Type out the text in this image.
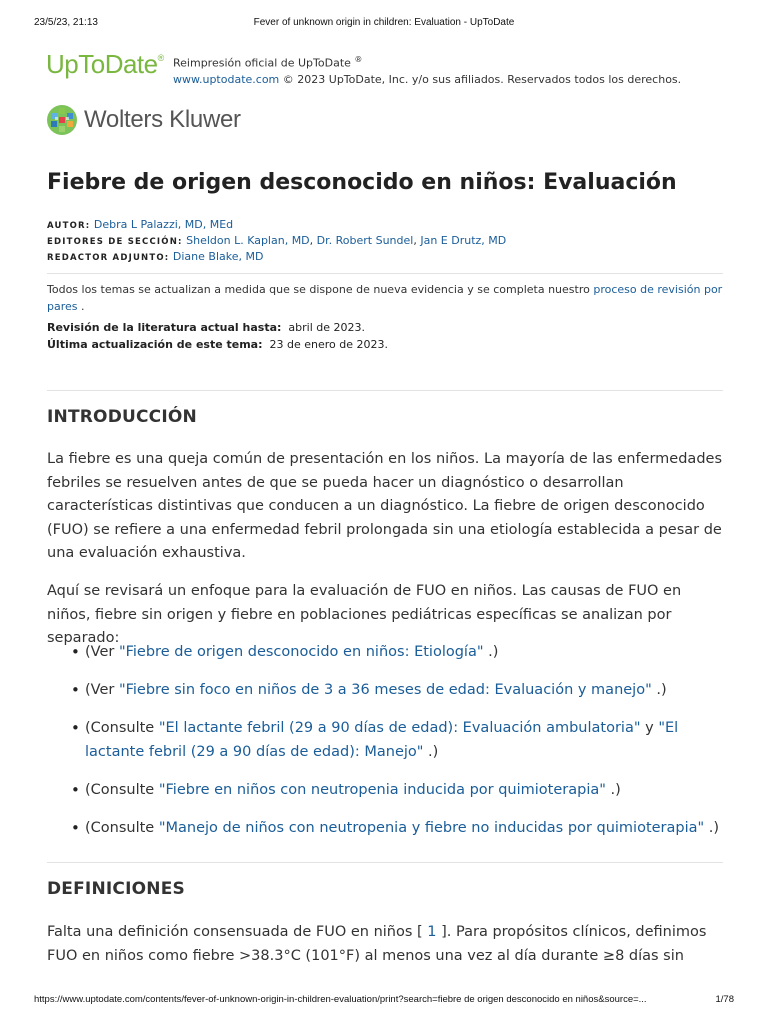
23/5/23, 21:13	Fever of unknown origin in children: Evaluation - UpToDate
UpToDate® Reimpresión oficial de UpToDate ®
www.uptodate.com © 2023 UpToDate, Inc. y/o sus afiliados. Reservados todos los derechos.
Wolters Kluwer
Fiebre de origen desconocido en niños: Evaluación
AUTOR: Debra L Palazzi, MD, MEd
EDITORES DE SECCIÓN: Sheldon L. Kaplan, MD, Dr. Robert Sundel, Jan E Drutz, MD
REDACTOR ADJUNTO: Diane Blake, MD
Todos los temas se actualizan a medida que se dispone de nueva evidencia y se completa nuestro proceso de revisión por pares .
Revisión de la literatura actual hasta: abril de 2023.
Última actualización de este tema: 23 de enero de 2023.
INTRODUCCIÓN

La fiebre es una queja común de presentación en los niños. La mayoría de las enfermedades febriles se resuelven antes de que se pueda hacer un diagnóstico o desarrollan características distintivas que conducen a un diagnóstico. La fiebre de origen desconocido (FUO) se refiere a una enfermedad febril prolongada sin una etiología establecida a pesar de una evaluación exhaustiva.

Aquí se revisará un enfoque para la evaluación de FUO en niños. Las causas de FUO en niños, fiebre sin origen y fiebre en poblaciones pediátricas específicas se analizan por separado:

• (Ver "Fiebre de origen desconocido en niños: Etiología" .)
• (Ver "Fiebre sin foco en niños de 3 a 36 meses de edad: Evaluación y manejo" .)
• (Consulte "El lactante febril (29 a 90 días de edad): Evaluación ambulatoria" y "El lactante febril (29 a 90 días de edad): Manejo" .)
• (Consulte "Fiebre en niños con neutropenia inducida por quimioterapia" .)
• (Consulte "Manejo de niños con neutropenia y fiebre no inducidas por quimioterapia" .)
DEFINICIONES

Falta una definición consensuada de FUO en niños [ 1 ]. Para propósitos clínicos, definimos FUO en niños como fiebre >38.3°C (101°F) al menos una vez al día durante ≥8 días sin

https://www.uptodate.com/contents/fever-of-unknown-origin-in-children-evaluation/print?search=fiebre de origen desconocido en niños&source=...	1/78
